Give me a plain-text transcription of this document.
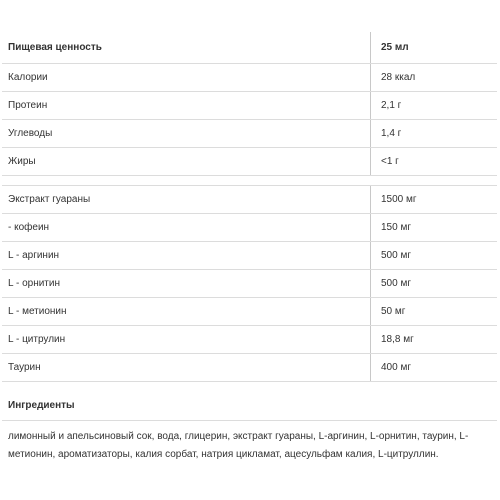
Пищевая ценность	25 мл
Калории	28 ккал
Протеин	2,1 г
Углеводы	1,4 г
Жиры	<1 г
Экстракт гуараны	1500 мг
- кофеин	150 мг
L - аргинин	500 мг
L - орнитин	500 мг
L - метионин	50 мг
L - цитрулин	18,8 мг
Таурин	400 мг
Ингредиенты
лимонный и апельсиновый сок, вода, глицерин, экстракт гуараны, L-аргинин, L-орнитин, таурин, L-метионин, ароматизаторы, калия сорбат, натрия цикламат, ацесульфам калия, L-цитруллин.
